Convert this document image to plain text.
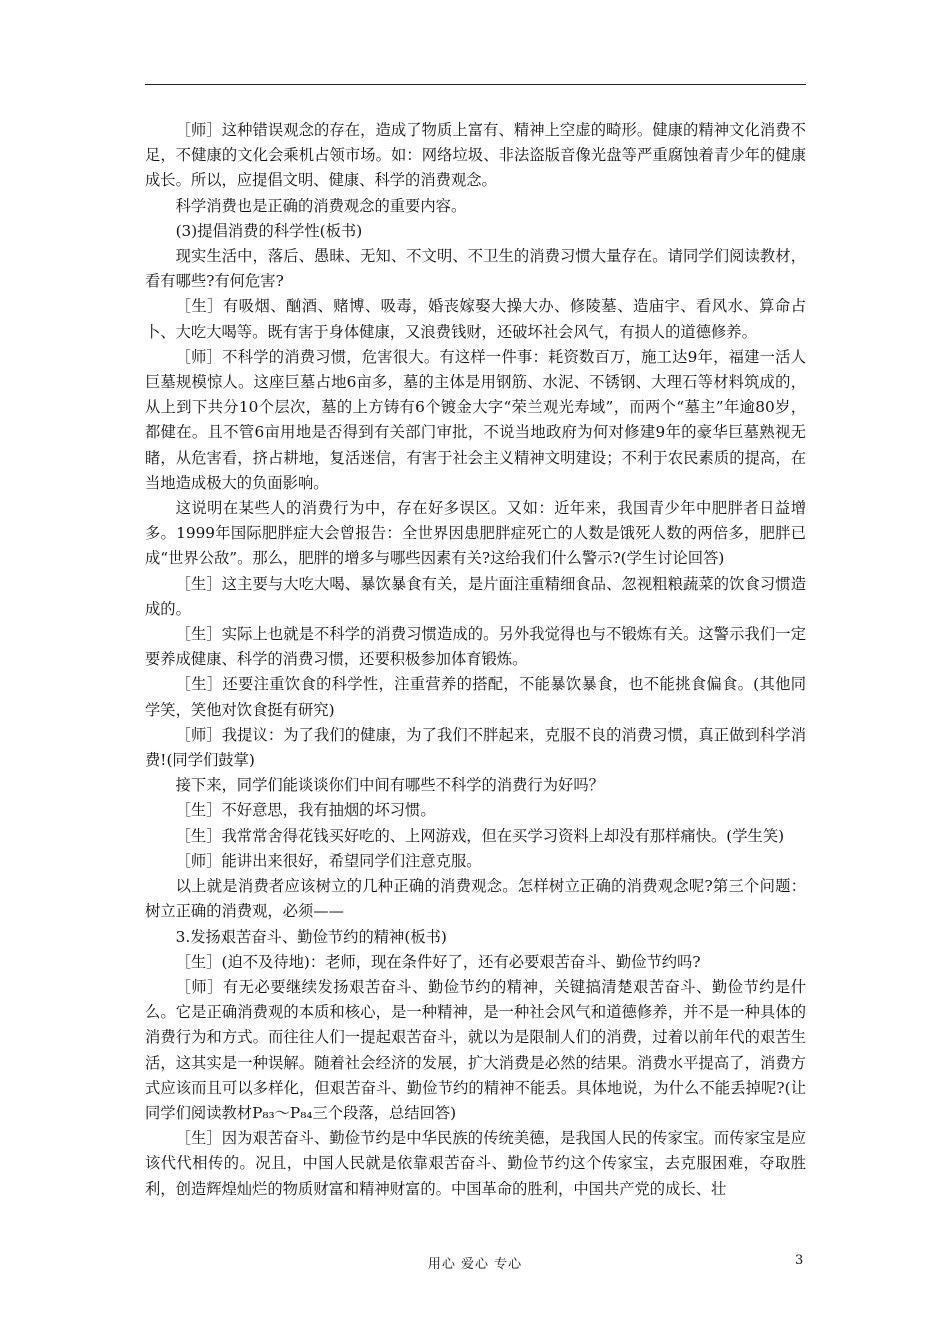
［师］这种错误观念的存在，造成了物质上富有、精神上空虚的畸形。健康的精神文化消费不足，不健康的文化会乘机占领市场。如：网络垃圾、非法盗版音像光盘等严重腐蚀着青少年的健康成长。所以，应提倡文明、健康、科学的消费观念。

科学消费也是正确的消费观念的重要内容。

(3)提倡消费的科学性(板书)

现实生活中，落后、愚昧、无知、不文明、不卫生的消费习惯大量存在。请同学们阅读教材，看有哪些?有何危害?

［生］有吸烟、酗酒、赌博、吸毒，婚丧嫁娶大操大办、修陵墓、造庙宇、看风水、算命占卜、大吃大喝等。既有害于身体健康，又浪费钱财，还破坏社会风气，有损人的道德修养。

［师］不科学的消费习惯，危害很大。有这样一件事：耗资数百万，施工达9年，福建一活人巨墓规模惊人。这座巨墓占地6亩多，墓的主体是用钢筋、水泥、不锈钢、大理石等材料筑成的，从上到下共分10个层次，墓的上方铸有6个镀金大字“荣兰观光寿域”，而两个“墓主”年逾80岁，都健在。且不管6亩用地是否得到有关部门审批，不说当地政府为何对修建9年的豪华巨墓熟视无睹，从危害看，挤占耕地，复活迷信，有害于社会主义精神文明建设；不利于农民素质的提高，在当地造成极大的负面影响。

这说明在某些人的消费行为中，存在好多误区。又如：近年来，我国青少年中肥胖者日益增多。1999年国际肥胖症大会曾报告：全世界因患肥胖症死亡的人数是饿死人数的两倍多，肥胖已成“世界公敌”。那么，肥胖的增多与哪些因素有关?这给我们什么警示?(学生讨论回答)

［生］这主要与大吃大喝、暴饮暴食有关，是片面注重精细食品、忽视粗粮蔬菜的饮食习惯造成的。

［生］实际上也就是不科学的消费习惯造成的。另外我觉得也与不锻炼有关。这警示我们一定要养成健康、科学的消费习惯，还要积极参加体育锻炼。

［生］还要注重饮食的科学性，注重营养的搭配，不能暴饮暴食，也不能挑食偏食。(其他同学笑，笑他对饮食挺有研究)

［师］我提议：为了我们的健康，为了我们不胖起来，克服不良的消费习惯，真正做到科学消费!(同学们鼓掌)

接下来，同学们能谈谈你们中间有哪些不科学的消费行为好吗？

［生］不好意思，我有抽烟的坏习惯。

［生］我常常舍得花钱买好吃的、上网游戏，但在买学习资料上却没有那样痛快。(学生笑)

［师］能讲出来很好，希望同学们注意克服。

以上就是消费者应该树立的几种正确的消费观念。怎样树立正确的消费观念呢?第三个问题：树立正确的消费观，必须——

3.发扬艰苦奋斗、勤俭节约的精神(板书)

［生］(迫不及待地)：老师，现在条件好了，还有必要艰苦奋斗、勤俭节约吗?

［师］有无必要继续发扬艰苦奋斗、勤俭节约的精神，关键搞清楚艰苦奋斗、勤俭节约是什么。它是正确消费观的本质和核心，是一种精神，是一种社会风气和道德修养，并不是一种具体的消费行为和方式。而往往人们一提起艰苦奋斗，就以为是限制人们的消费，过着以前年代的艰苦生活，这其实是一种误解。随着社会经济的发展，扩大消费是必然的结果。消费水平提高了，消费方式应该而且可以多样化，但艰苦奋斗、勤俭节约的精神不能丢。具体地说，为什么不能丢掉呢?(让同学们阅读教材P₈₃～P₈₄三个段落，总结回答)

［生］因为艰苦奋斗、勤俭节约是中华民族的传统美德，是我国人民的传家宝。而传家宝是应该代代相传的。况且，中国人民就是依靠艰苦奋斗、勤俭节约这个传家宝，去克服困难，夺取胜利，创造辉煌灿烂的物质财富和精神财富的。中国革命的胜利，中国共产党的成长、壮

用心 爱心 专心	3
